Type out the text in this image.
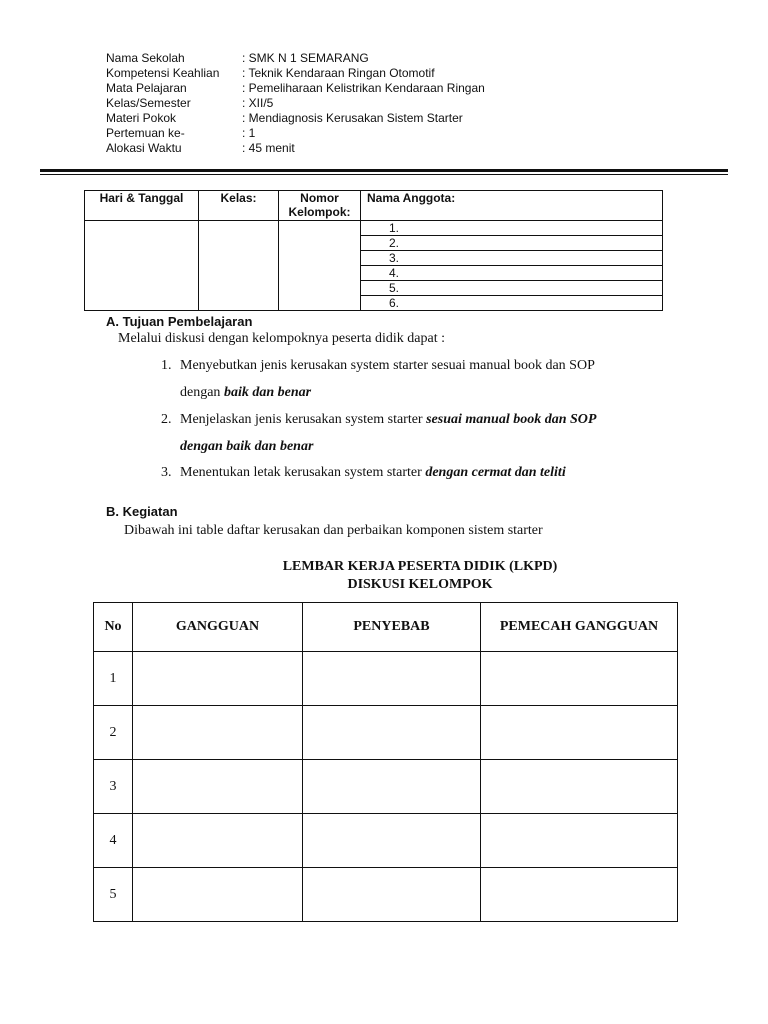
Nama Sekolah	: SMK N 1 SEMARANG
Kompetensi Keahlian	: Teknik Kendaraan Ringan Otomotif
Mata Pelajaran	: Pemeliharaan Kelistrikan Kendaraan Ringan
Kelas/Semester	: XII/5
Materi Pokok	: Mendiagnosis Kerusakan Sistem Starter
Pertemuan ke-	: 1
Alokasi Waktu	: 45 menit
Hari & Tanggal	Kelas:	Nomor
Kelompok:	Nama Anggota:
			1.
			2.
			3.
			4.
			5.
			6.
A. Tujuan Pembelajaran
Melalui diskusi dengan kelompoknya peserta didik dapat :
1. Menyebutkan jenis kerusakan system starter sesuai manual book dan SOP
dengan baik dan benar
2. Menjelaskan jenis kerusakan system starter sesuai manual book dan SOP
dengan baik dan benar
3. Menentukan letak kerusakan system starter dengan cermat dan teliti
B. Kegiatan
Dibawah ini table daftar kerusakan dan perbaikan komponen sistem starter
LEMBAR KERJA PESERTA DIDIK (LKPD)
DISKUSI KELOMPOK
No	GANGGUAN	PENYEBAB	PEMECAH GANGGUAN
1			
2			
3			
4			
5			
